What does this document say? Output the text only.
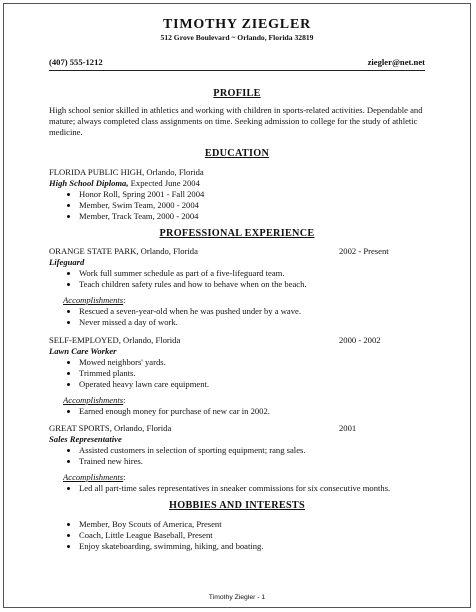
TIMOTHY ZIEGLER
512 Grove Boulevard ~ Orlando, Florida 32819
(407) 555-1212	ziegler@net.net
PROFILE

High school senior skilled in athletics and working with children in sports-related activities. Dependable and mature; always completed class assignments on time. Seeking admission to college for the study of athletic medicine.

EDUCATION
FLORIDA PUBLIC HIGH, Orlando, Florida
High School Diploma, Expected June 2004
• Honor Roll, Spring 2001 - Fall 2004
• Member, Swim Team, 2000 - 2004
• Member, Track Team, 2000 - 2004
PROFESSIONAL EXPERIENCE
ORANGE STATE PARK, Orlando, Florida	2002 - Present
Lifeguard
• Work full summer schedule as part of a five-lifeguard team.
• Teach children safety rules and how to behave when on the beach.
Accomplishments:
• Rescued a seven-year-old when he was pushed under by a wave.
• Never missed a day of work.
SELF-EMPLOYED, Orlando, Florida	2000 - 2002
Lawn Care Worker
• Mowed neighbors' yards.
• Trimmed plants.
• Operated heavy lawn care equipment.
Accomplishments:
• Earned enough money for purchase of new car in 2002.
GREAT SPORTS, Orlando, Florida	2001
Sales Representative
• Assisted customers in selection of sporting equipment; rang sales.
• Trained new hires.
Accomplishments:
• Led all part-time sales representatives in sneaker commissions for six consecutive months.
HOBBIES AND INTERESTS
• Member, Boy Scouts of America, Present
• Coach, Little League Baseball, Present
• Enjoy skateboarding, swimming, hiking, and boating.
Timothy Ziegler - 1
